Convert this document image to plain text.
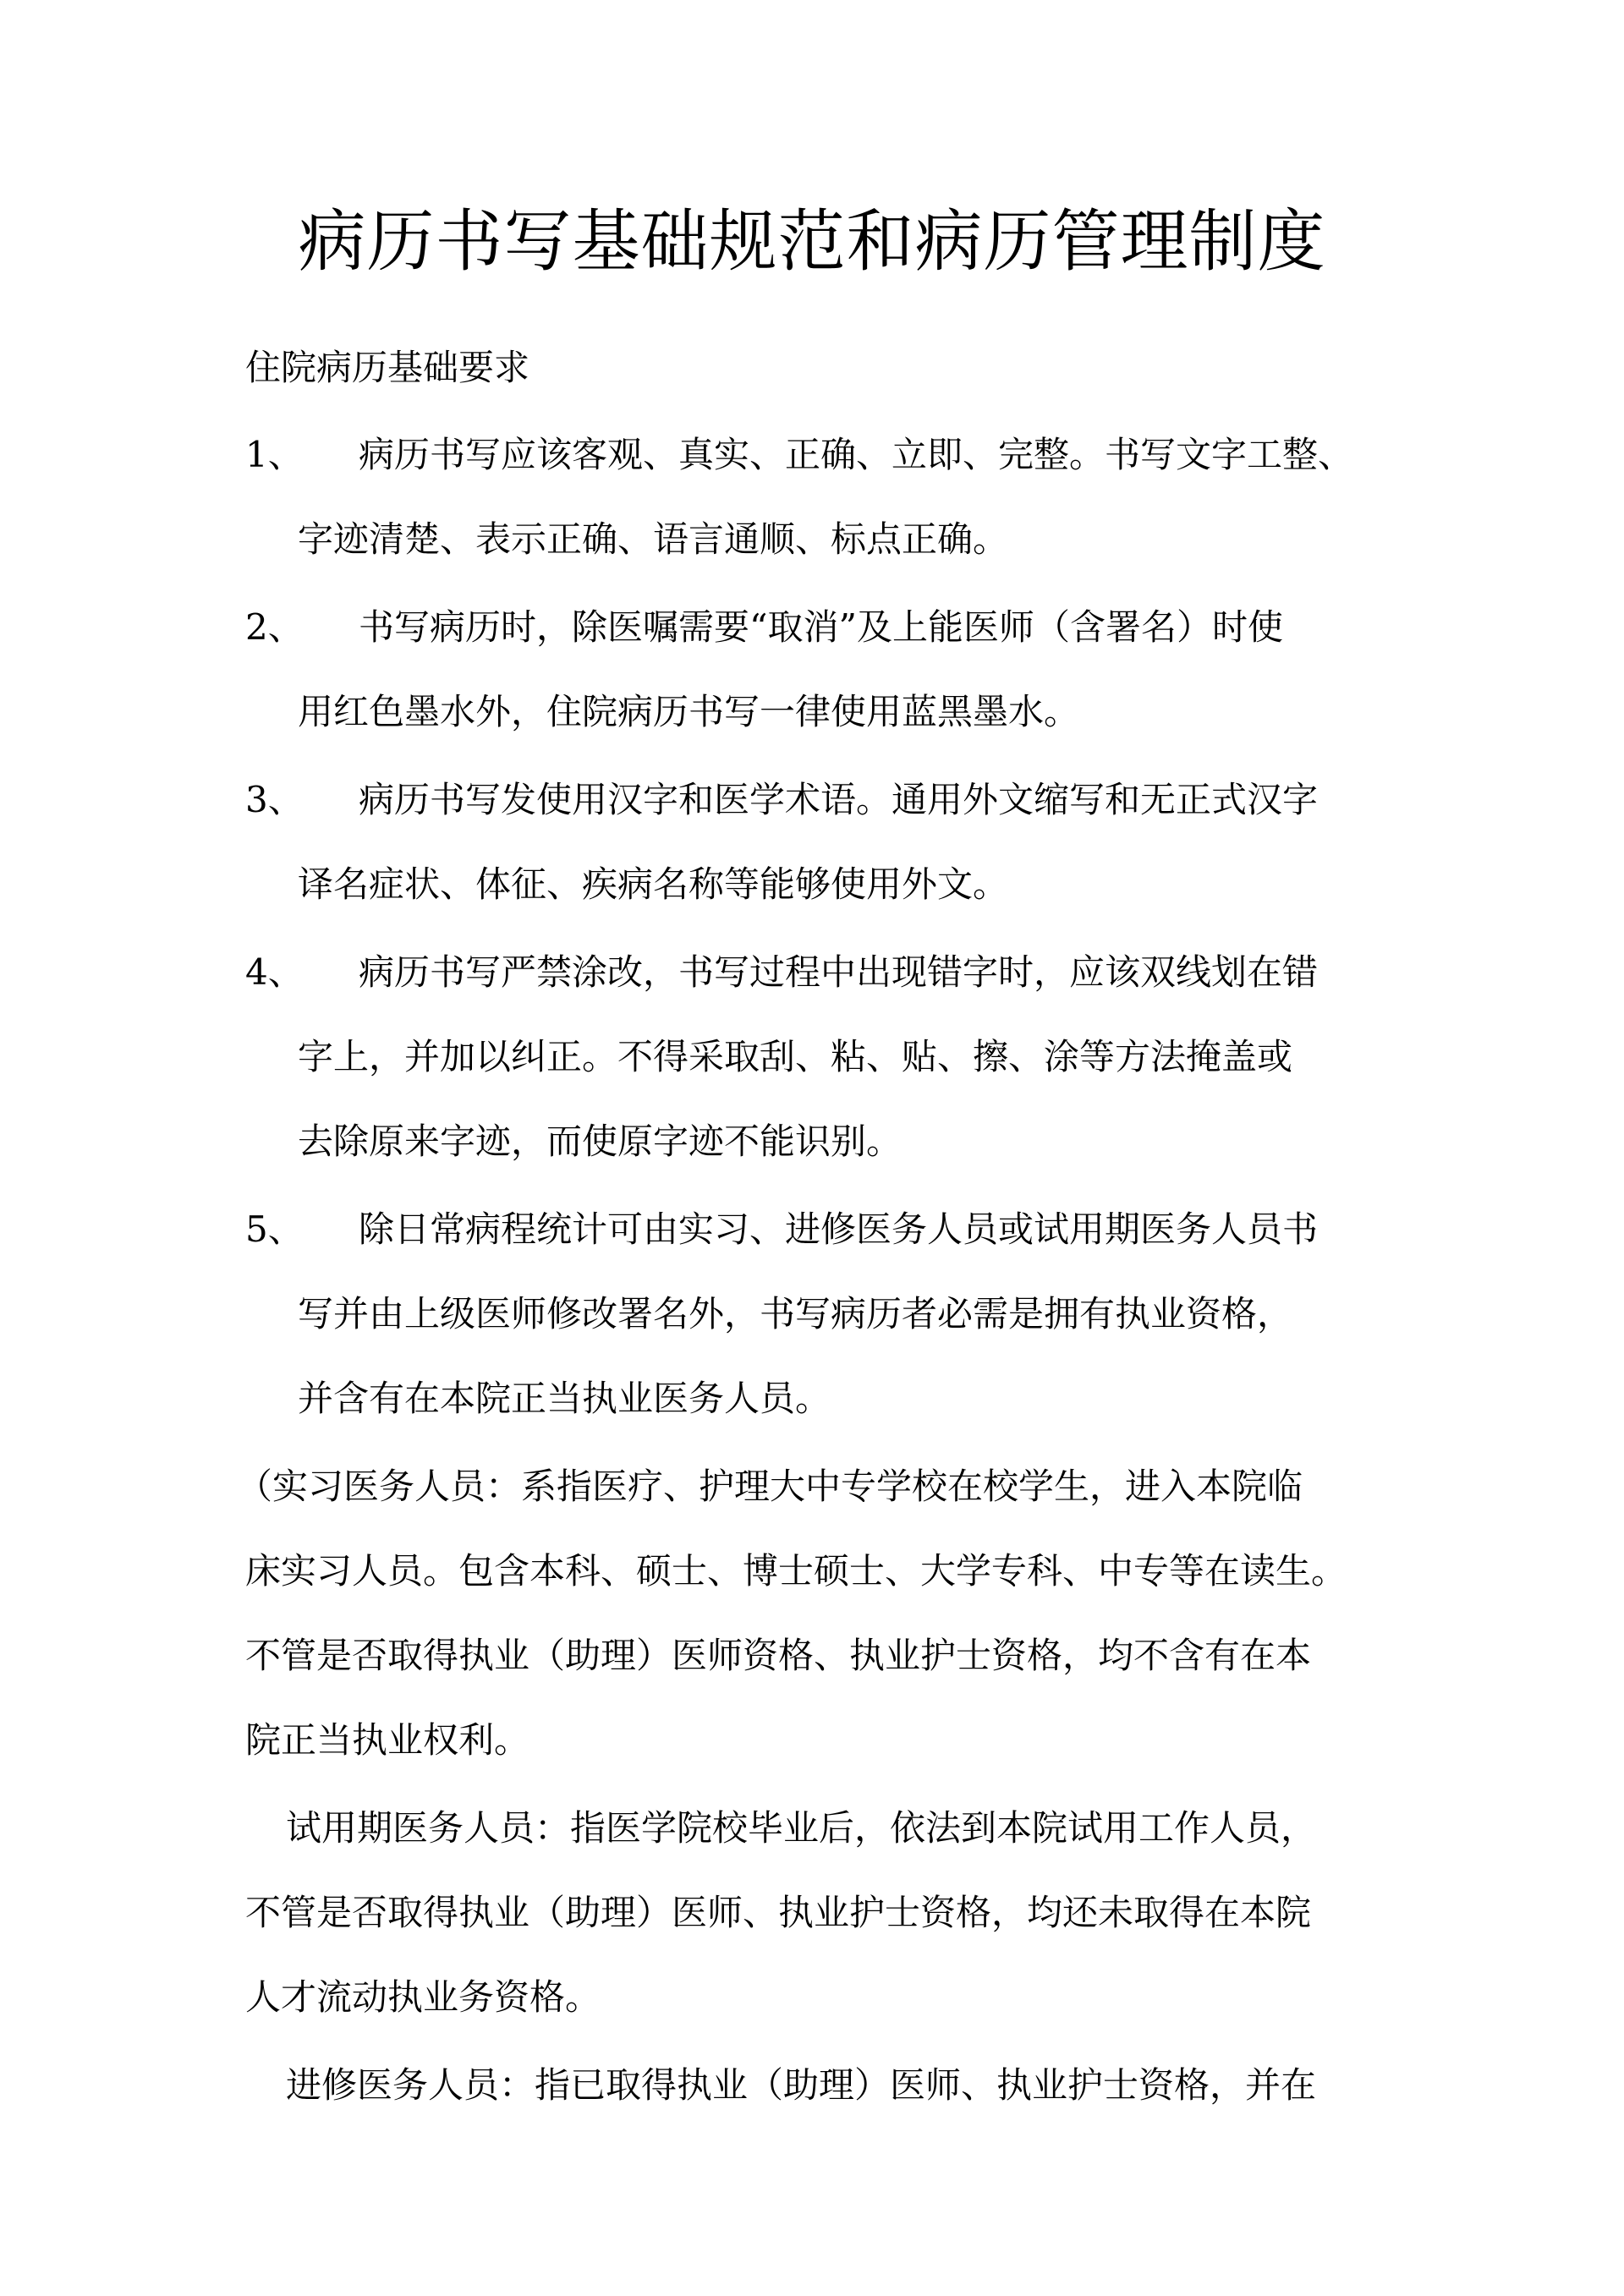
病历书写基础规范和病历管理制度
住院病历基础要求
1、 病历书写应该客观、真实、正确、立即、完整。书写文字工整、
字迹清楚、表示正确、语言通顺、标点正确。
2、 书写病历时，除医嘱需要“取消”及上能医师（含署名）时使
用红色墨水外，住院病历书写一律使用蓝黑墨水。
3、 病历书写发使用汉字和医学术语。通用外文缩写和无正式汉字
译名症状、体征、疾病名称等能够使用外文。
4、 病历书写严禁涂改，书写过程中出现错字时，应该双线划在错
字上，并加以纠正。不得采取刮、粘、贴、擦、涂等方法掩盖或
去除原来字迹，而使原字迹不能识别。
5、 除日常病程统计可由实习、进修医务人员或试用期医务人员书
写并由上级医师修改署名外，书写病历者必需是拥有执业资格，
并含有在本院正当执业医务人员。
（实习医务人员：系指医疗、护理大中专学校在校学生，进入本院临
床实习人员。包含本科、硕士、博士硕士、大学专科、中专等在读生。
不管是否取得执业（助理）医师资格、执业护士资格，均不含有在本
院正当执业权利。
试用期医务人员：指医学院校毕业后，依法到本院试用工作人员，
不管是否取得执业（助理）医师、执业护士资格，均还未取得在本院
人才流动执业务资格。
进修医务人员：指已取得执业（助理）医师、执业护士资格，并在
